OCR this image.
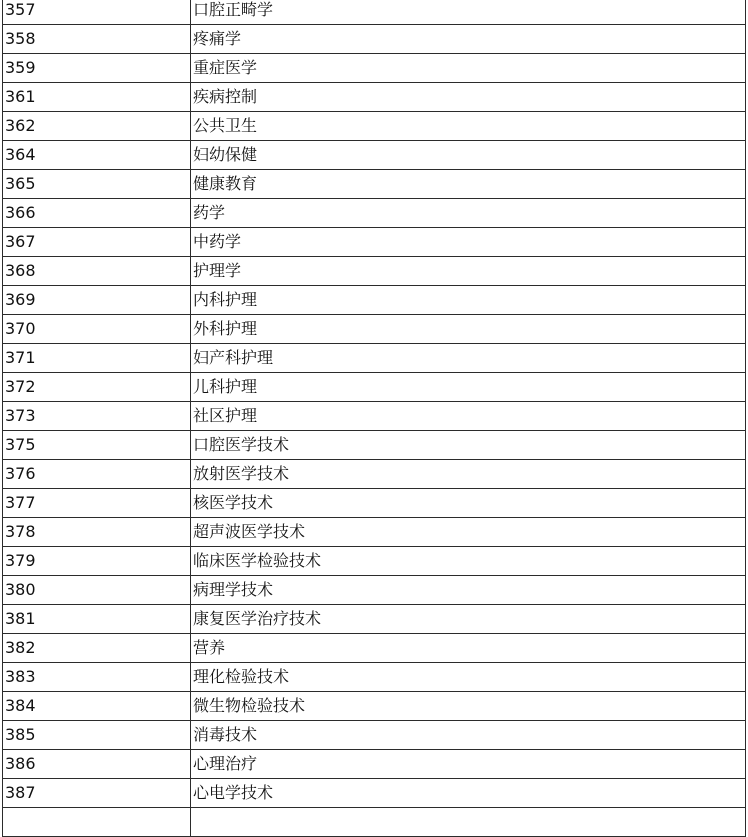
357	口腔正畸学
358	疼痛学
359	重症医学
361	疾病控制
362	公共卫生
364	妇幼保健
365	健康教育
366	药学
367	中药学
368	护理学
369	内科护理
370	外科护理
371	妇产科护理
372	儿科护理
373	社区护理
375	口腔医学技术
376	放射医学技术
377	核医学技术
378	超声波医学技术
379	临床医学检验技术
380	病理学技术
381	康复医学治疗技术
382	营养
383	理化检验技术
384	微生物检验技术
385	消毒技术
386	心理治疗
387	心电学技术
